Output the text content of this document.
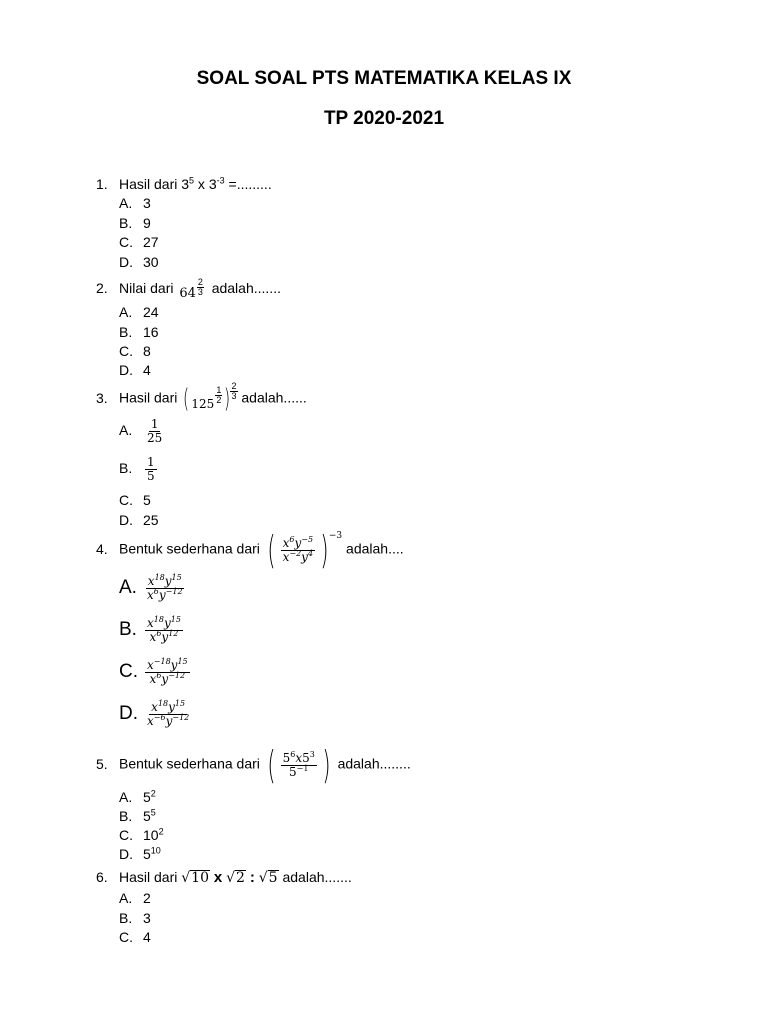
SOAL SOAL PTS MATEMATIKA KELAS IX
TP 2020-2021
1. Hasil dari $3^5$ x $3^{-3}$ =.........
A. 3
B. 9
C. 27
D. 30
2. Nilai dari $64 \frac{2}{3}$ adalah.......
A. 24
B. 16
C. 8
D. 4
3. Hasil dari ( $125 \frac{1}{2}$ ) $\frac{2}{3}$ adalah......
A. $\frac{1}{25}$
B. $\frac{1}{5}$
C. 5
D. 25
4. Bentuk sederhana dari ( $\frac{x^6y^{-5}}{x^{-2}y^4}$ ) −3
adalah....
A. $\frac{x^{18}y^{15}}{x^6y^{-12}}$
B. $\frac{x^{18}y^{15}}{x^6y^{12}}$
C. $\frac{x^{-18}y^{15}}{x^6y^{-12}}$
D. $\frac{x^{18}y^{15}}{x^{-6}y^{-12}}$
5. Bentuk sederhana dari ( $\frac{5^6x5^3}{5^{-1}}$ ) adalah........
A. $5^2$
B. $5^5$
C. $10^2$
D. $5^{10}$
6. Hasil dari √10 x √2 : √5 adalah.......
A. 2
B. 3
C. 4
